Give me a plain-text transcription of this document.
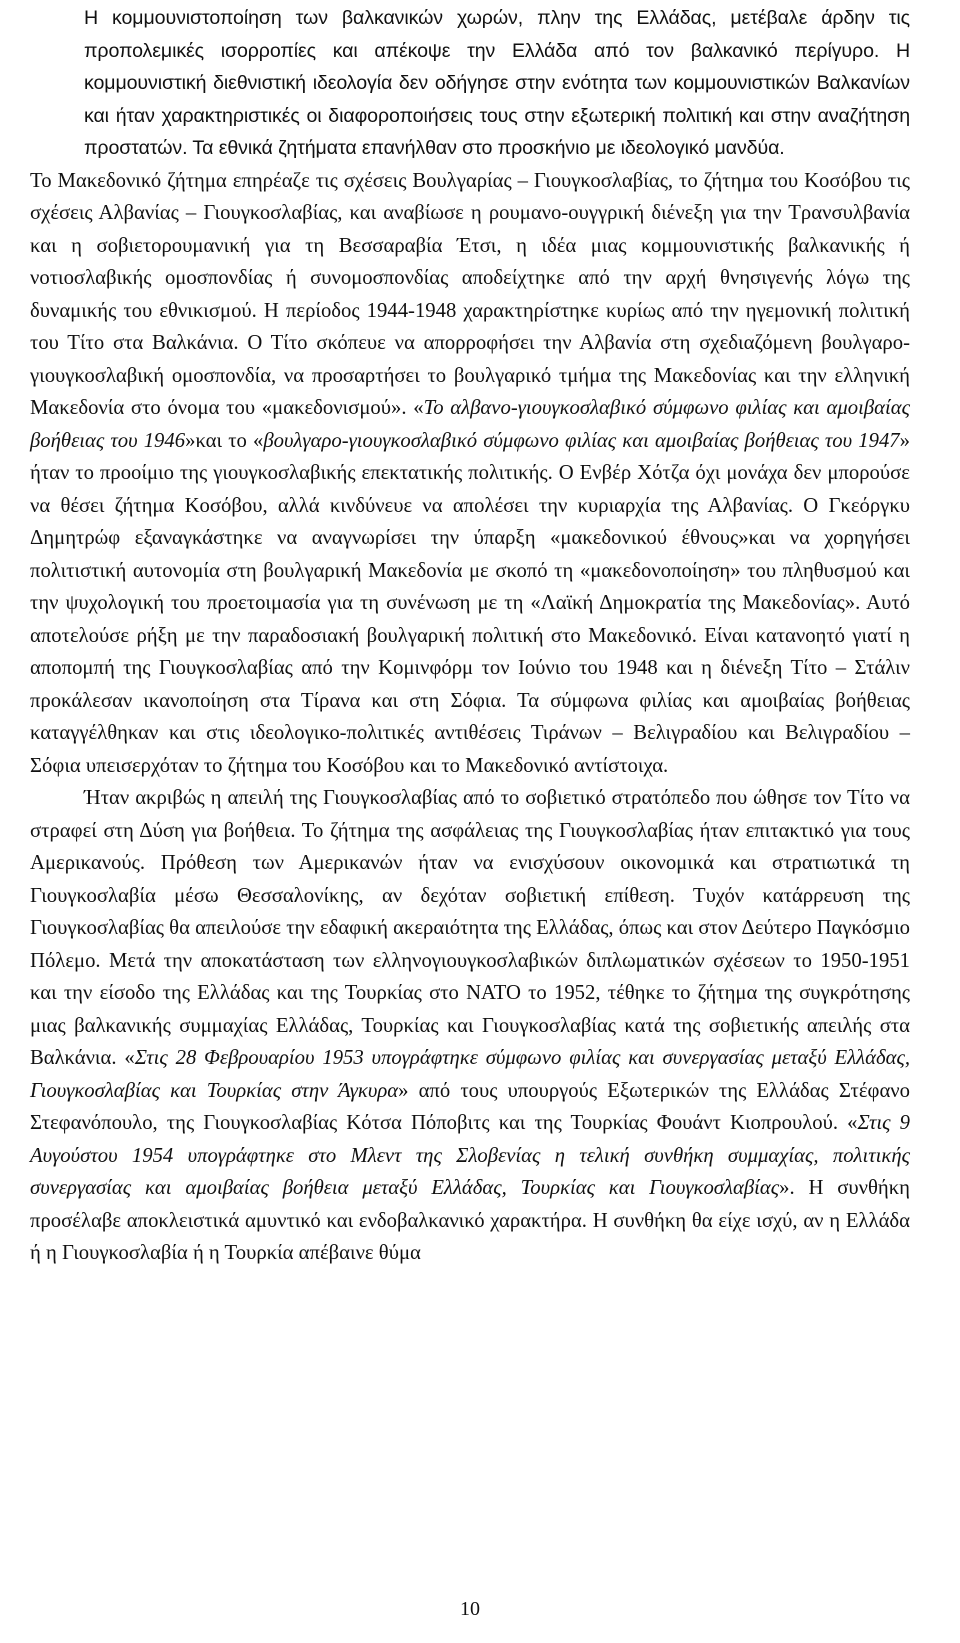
Η κομμουνιστοποίηση των βαλκανικών χωρών, πλην της Ελλάδας, μετέβαλε άρδην τις προπολεμικές ισορροπίες και απέκοψε την Ελλάδα από τον βαλκανικό περίγυρο. Η κομμουνιστική διεθνιστική ιδεολογία δεν οδήγησε στην ενότητα των κομμουνιστικών Βαλκανίων και ήταν χαρακτηριστικές οι διαφοροποιήσεις τους στην εξωτερική πολιτική και στην αναζήτηση προστατών. Τα εθνικά ζητήματα επανήλθαν στο προσκήνιο με ιδεολογικό μανδύα. Το Μακεδονικό ζήτημα επηρέαζε τις σχέσεις Βουλγαρίας – Γιουγκοσλαβίας, το ζήτημα του Κοσόβου τις σχέσεις Αλβανίας – Γιουγκοσλαβίας, και αναβίωσε η ρουμανο-ουγγρική διένεξη για την Τρανσυλβανία και η σοβιετορουμανική για τη Βεσσαραβία Έτσι, η ιδέα μιας κομμουνιστικής βαλκανικής ή νοτιοσλαβικής ομοσπονδίας ή συνομοσπονδίας αποδείχτηκε από την αρχή θνησιγενής λόγω της δυναμικής του εθνικισμού. Η περίοδος 1944-1948 χαρακτηρίστηκε κυρίως από την ηγεμονική πολιτική του Τίτο στα Βαλκάνια. Ο Τίτο σκόπευε να απορροφήσει την Αλβανία στη σχεδιαζόμενη βουλγαρο-γιουγκοσλαβική ομοσπονδία, να προσαρτήσει το βουλγαρικό τμήμα της Μακεδονίας και την ελληνική Μακεδονία στο όνομα του «μακεδονισμού». «Το αλβανο-γιουγκοσλαβικό σύμφωνο φιλίας και αμοιβαίας βοήθειας του 1946»και το «βουλγαρο-γιουγκοσλαβικό σύμφωνο φιλίας και αμοιβαίας βοήθειας του 1947» ήταν το προοίμιο της γιουγκοσλαβικής επεκτατικής πολιτικής. Ο Ενβέρ Χότζα όχι μονάχα δεν μπορούσε να θέσει ζήτημα Κοσόβου, αλλά κινδύνευε να απολέσει την κυριαρχία της Αλβανίας. Ο Γκεόργκυ Δημητρώφ εξαναγκάστηκε να αναγνωρίσει την ύπαρξη «μακεδονικού έθνους»και να χορηγήσει πολιτιστική αυτονομία στη βουλγαρική Μακεδονία με σκοπό τη «μακεδονοποίηση» του πληθυσμού και την ψυχολογική του προετοιμασία για τη συνένωση με τη «Λαϊκή Δημοκρατία της Μακεδονίας». Αυτό αποτελούσε ρήξη με την παραδοσιακή βουλγαρική πολιτική στο Μακεδονικό. Είναι κατανοητό γιατί η αποπομπή της Γιουγκοσλαβίας από την Κομινφόρμ τον Ιούνιο του 1948 και η διένεξη Τίτο – Στάλιν προκάλεσαν ικανοποίηση στα Τίρανα και στη Σόφια. Τα σύμφωνα φιλίας και αμοιβαίας βοήθειας καταγγέλθηκαν και στις ιδεολογικο-πολιτικές αντιθέσεις Τιράνων – Βελιγραδίου και Βελιγραδίου – Σόφια υπεισερχόταν το ζήτημα του Κοσόβου και το Μακεδονικό αντίστοιχα.

Ήταν ακριβώς η απειλή της Γιουγκοσλαβίας από το σοβιετικό στρατόπεδο που ώθησε τον Τίτο να στραφεί στη Δύση για βοήθεια. Το ζήτημα της ασφάλειας της Γιουγκοσλαβίας ήταν επιτακτικό για τους Αμερικανούς. Πρόθεση των Αμερικανών ήταν να ενισχύσουν οικονομικά και στρατιωτικά τη Γιουγκοσλαβία μέσω Θεσσαλονίκης, αν δεχόταν σοβιετική επίθεση. Τυχόν κατάρρευση της Γιουγκοσλαβίας θα απειλούσε την εδαφική ακεραιότητα της Ελλάδας, όπως και στον Δεύτερο Παγκόσμιο Πόλεμο. Μετά την αποκατάσταση των ελληνογιουγκοσλαβικών διπλωματικών σχέσεων το 1950-1951 και την είσοδο της Ελλάδας και της Τουρκίας στο ΝΑΤΟ το 1952, τέθηκε το ζήτημα της συγκρότησης μιας βαλκανικής συμμαχίας Ελλάδας, Τουρκίας και Γιουγκοσλαβίας κατά της σοβιετικής απειλής στα Βαλκάνια. «Στις 28 Φεβρουαρίου 1953 υπογράφτηκε σύμφωνο φιλίας και συνεργασίας μεταξύ Ελλάδας, Γιουγκοσλαβίας και Τουρκίας στην Άγκυρα» από τους υπουργούς Εξωτερικών της Ελλάδας Στέφανο Στεφανόπουλο, της Γιουγκοσλαβίας Κότσα Πόποβιτς και της Τουρκίας Φουάντ Κιοπρουλού. «Στις 9 Αυγούστου 1954 υπογράφτηκε στο Μλεντ της Σλοβενίας η τελική συνθήκη συμμαχίας, πολιτικής συνεργασίας και αμοιβαίας βοήθεια μεταξύ Ελλάδας, Τουρκίας και Γιουγκοσλαβίας». Η συνθήκη προσέλαβε αποκλειστικά αμυντικό και ενδοβαλκανικό χαρακτήρα. Η συνθήκη θα είχε ισχύ, αν η Ελλάδα ή η Γιουγκοσλαβία ή η Τουρκία απέβαινε θύμα

10
